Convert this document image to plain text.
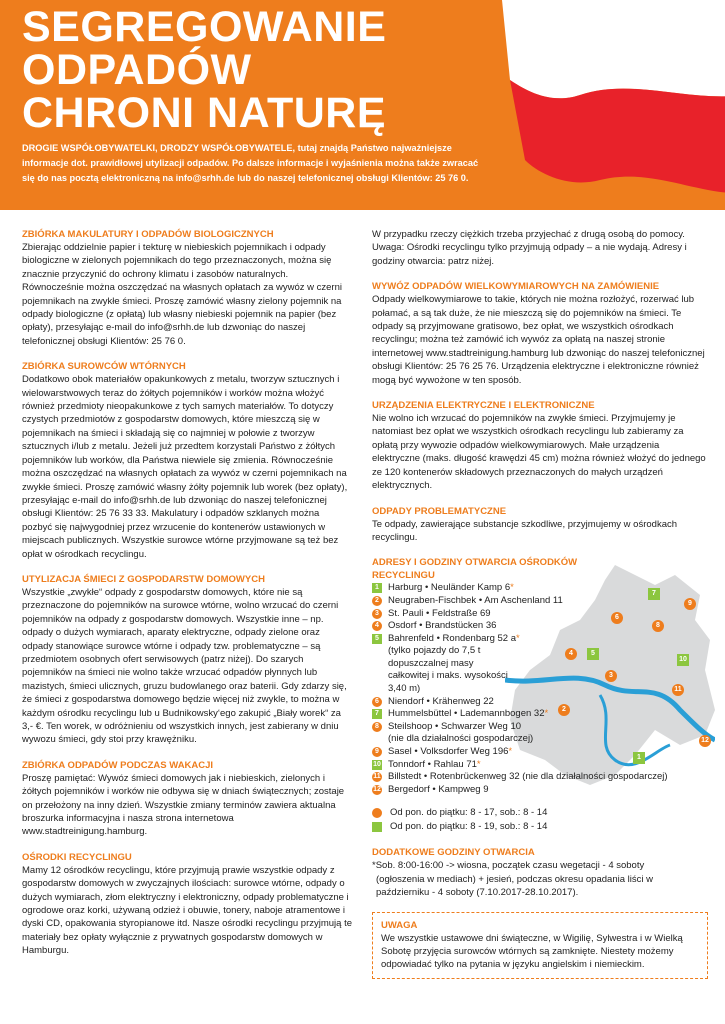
SEGREGOWANIE
ODPADÓW
CHRONI NATURĘ
DROGIE WSPÓŁOBYWATELKI, DRODZY WSPÓŁOBYWATELE, tutaj znajdą Państwo najważniejsze informacje dot. prawidłowej utylizacji odpadów. Po dalsze informacje i wyjaśnienia można także zwracać się do nas pocztą elektroniczną na info@srhh.de lub do naszej telefonicznej obsługi Klientów: 25 76 0.
ZBIÓRKA MAKULATURY I ODPADÓW BIOLOGICZNYCH

Zbierając oddzielnie papier i tekturę w niebieskich pojemnikach i odpady biologiczne w zielonych pojemnikach do tego przeznaczonych, można się znacznie przyczynić do ochrony klimatu i zasobów naturalnych. Równocześnie można oszczędzać na własnych opłatach za wywóz w czerni pojemnikach na zwykłe śmieci. Proszę zamówić własny zielony pojemnik na odpady biologiczne (z opłatą) lub własny niebieski pojemnik na papier (bez opłaty), przesyłając e-mail do info@srhh.de lub dzwoniąc do naszej telefonicznej obsługi Klientów: 25 76 0.

ZBIÓRKA SUROWCÓW WTÓRNYCH

Dodatkowo obok materiałów opakunkowych z metalu, tworzyw sztucznych i wielowarstwowych teraz do żółtych pojemników i worków można włożyć również przedmioty nieopakunkowe z tych samych materiałów. To dotyczy czystych przedmiotów z gospodarstw domowych, które mieszczą się w pojemnikach na śmieci i składają się co najmniej w połowie z tworzyw sztucznych i/lub z metalu. Jeżeli już przedtem korzystali Państwo z żółtych pojemników lub worków, dla Państwa niewiele się zmienia. Równocześnie można oszczędzać na własnych opłatach za wywóz w czerni pojemnikach na zwykłe śmieci. Proszę zamówić własny żółty pojemnik lub worek (bez opłaty), przesyłając e-mail do info@srhh.de lub dzwoniąc do naszej telefonicznej obsługi Klientów: 25 76 33 33. Makulatury i odpadów szklanych można pozbyć się najwygodniej przez wrzucenie do kontenerów ustawionych w miejscach publicznych. Wszystkie surowce wtórne przyjmowane są też bez opłat w ośrodkach recyclingu.

UTYLIZACJA ŚMIECI Z GOSPODARSTW DOMOWYCH

Wszystkie „zwykłe“ odpady z gospodarstw domowych, które nie są przeznaczone do pojemników na surowce wtórne, wolno wrzucać do czerni pojemników na odpady z gospodarstw domowych. Wszystkie inne – np. odpady o dużych wymiarach, aparaty elektryczne, odpady zielone oraz odpady stanowiące surowce wtórne i odpady tzw. problematyczne – są przedmiotem osobnych ofert serwisowych (patrz niżej). Do szarych pojemników na śmieci nie wolno także wrzucać odpadów płynnych lub mazistych, śmieci ulicznych, gruzu budowlanego oraz baterii. Gdy zdarzy się, że śmieci z gospodarstwa domowego będzie więcej niż zwykle, to można w każdym ośrodku recyclingu lub u Budnikowsky‘ego zakupić „Biały worek“ za 3,- €. Ten worek, w odróżnieniu od wszystkich innych, jest zabierany w dniu wywozu śmieci, gdy stoi przy krawężniku.

ZBIÓRKA ODPADÓW PODCZAS WAKACJI

Proszę pamiętać: Wywóz śmieci domowych jak i niebieskich, zielonych i żółtych pojemników i worków nie odbywa się w dniach świątecznych; zostaje on przełożony na inny dzień. Wszystkie zmiany terminów zawiera aktualna broszurka informacyjna i nasza strona internetowa www.stadtreinigung.hamburg.

OŚRODKI RECYCLINGU

Mamy 12 ośrodków recyclingu, które przyjmują prawie wszystkie odpady z gospodarstw domowych w zwyczajnych ilościach: surowce wtórne, odpady o dużych wymiarach, złom elektryczny i elektroniczny, odpady problematyczne i ogrodowe oraz korki, używaną odzież i obuwie, tonery, naboje atramentowe i dyski CD, opakowania styropianowe itd. Nasze ośrodki recyclingu przyjmują te materiały bez opłaty wyłącznie z prywatnych gospodarstw domowych w Hamburgu.

W przypadku rzeczy ciężkich trzeba przyjechać z drugą osobą do pomocy. Uwaga: Ośrodki recyclingu tylko przyjmują odpady – a nie wydają. Adresy i godziny otwarcia: patrz niżej.

WYWÓZ ODPADÓW WIELKOWYMIAROWYCH NA ZAMÓWIENIE

Odpady wielkowymiarowe to takie, których nie można rozłożyć, rozerwać lub połamać, a są tak duże, że nie mieszczą się do pojemników na śmieci. Te odpady są przyjmowane gratisowo, bez opłat, we wszystkich ośrodkach recyclingu; można też zamówić ich wywóz za opłatą na naszej stronie internetowej www.stadtreinigung.hamburg lub dzwoniąc do naszej telefonicznej obsługi Klientów: 25 76 25 76. Urządzenia elektryczne i elektroniczne również mogą być wywożone w ten sposób.

URZĄDZENIA ELEKTRYCZNE I ELEKTRONICZNE

Nie wolno ich wrzucać do pojemników na zwykłe śmieci. Przyjmujemy je natomiast bez opłat we wszystkich ośrodkach recyclingu lub zabieramy za opłatą przy wywozie odpadów wielkowymiarowych. Małe urządzenia elektryczne (maks. długość krawędzi 45 cm) można również włożyć do jednego ze 120 kontenerów składowych przeznaczonych do małych urządzeń elektrycznych.

ODPADY PROBLEMATYCZNE

Te odpady, zawierające substancje szkodliwe, przyjmujemy w ośrodkach recyclingu.

ADRESY I GODZINY OTWARCIA OŚRODKÓW RECYCLINGU
1 Harburg • Neuländer Kamp 6*
2 Neugraben-Fischbek • Am Aschenland 11
3 St. Pauli • Feldstraße 69
4 Osdorf • Brandstücken 36
5 Bahrenfeld • Rondenbarg 52 a*
(tylko pojazdy do 7,5 t
dopuszczalnej masy
całkowitej i maks. wysokości
3,40 m)
6 Niendorf • Krähenweg 22
7 Hummelsbüttel • Lademannbogen 32*
8 Steilshoop • Schwarzer Weg 10
(nie dla działalności gospodarczej)
9 Sasel • Volksdorfer Weg 196*
10 Tonndorf • Rahlau 71*
11 Billstedt • Rotenbrückenweg 32 (nie dla działalności gospodarczej)
12 Bergedorf • Kampweg 9
Od pon. do piątku: 8 - 17, sob.: 8 - 14
Od pon. do piątku: 8 - 19, sob.: 8 - 14
DODATKOWE GODZINY OTWARCIA
*Sob. 8:00-16:00 -> wiosna, początek czasu wegetacji - 4 soboty
(ogłoszenia w mediach) + jesień, podczas okresu opadania liści w
październiku - 4 soboty (7.10.2017-28.10.2017).
UWAGA
We wszystkie ustawowe dni świąteczne, w Wigilię, Sylwestra i w Wielką Sobotę przyjęcia surowców wtórnych są zamknięte. Niestety możemy odpowiadać tylko na pytania w języku angielskim i niemieckim.
7
9
6
8
4	5
10
3
11
2
12
1
